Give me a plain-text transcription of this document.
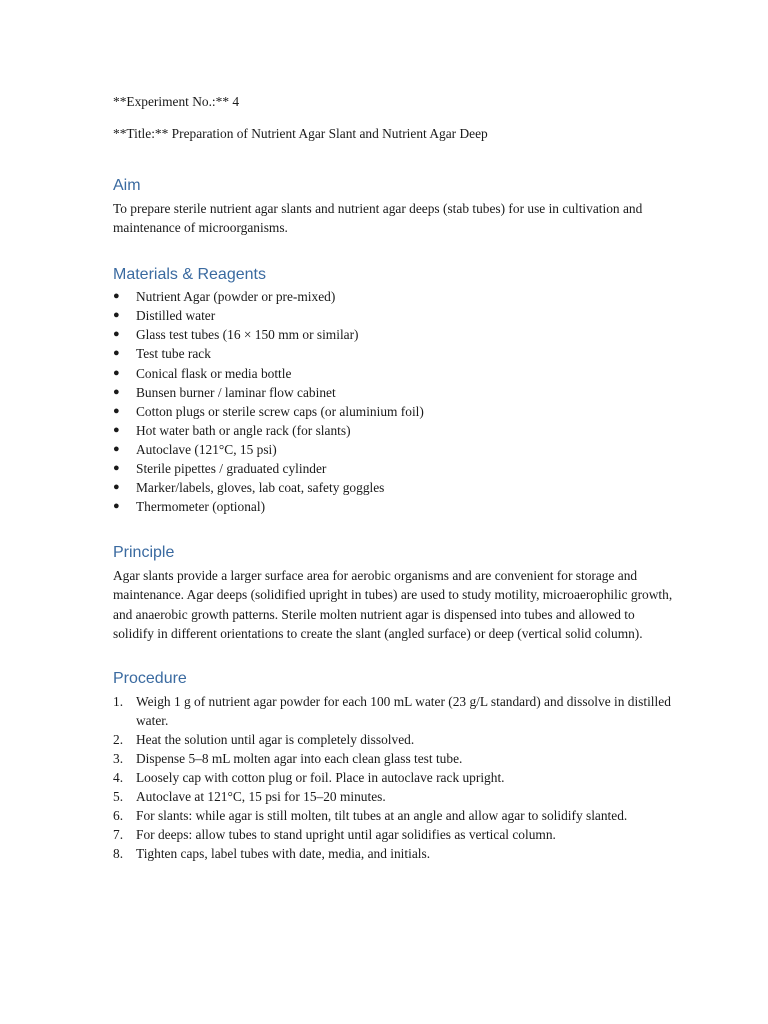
**Experiment No.:** 4

**Title:** Preparation of Nutrient Agar Slant and Nutrient Agar Deep

Aim

To prepare sterile nutrient agar slants and nutrient agar deeps (stab tubes) for use in cultivation and maintenance of microorganisms.

Materials & Reagents
● Nutrient Agar (powder or pre-mixed)
● Distilled water
● Glass test tubes (16 × 150 mm or similar)
● Test tube rack
● Conical flask or media bottle
● Bunsen burner / laminar flow cabinet
● Cotton plugs or sterile screw caps (or aluminium foil)
● Hot water bath or angle rack (for slants)
● Autoclave (121°C, 15 psi)
● Sterile pipettes / graduated cylinder
● Marker/labels, gloves, lab coat, safety goggles
● Thermometer (optional)
Principle

Agar slants provide a larger surface area for aerobic organisms and are convenient for storage and maintenance. Agar deeps (solidified upright in tubes) are used to study motility, microaerophilic growth, and anaerobic growth patterns. Sterile molten nutrient agar is dispensed into tubes and allowed to solidify in different orientations to create the slant (angled surface) or deep (vertical solid column).

Procedure
1. Weigh 1 g of nutrient agar powder for each 100 mL water (23 g/L standard) and dissolve in distilled water.
2. Heat the solution until agar is completely dissolved.
3. Dispense 5–8 mL molten agar into each clean glass test tube.
4. Loosely cap with cotton plug or foil. Place in autoclave rack upright.
5. Autoclave at 121°C, 15 psi for 15–20 minutes.
6. For slants: while agar is still molten, tilt tubes at an angle and allow agar to solidify slanted.
7. For deeps: allow tubes to stand upright until agar solidifies as vertical column.
8. Tighten caps, label tubes with date, media, and initials.
